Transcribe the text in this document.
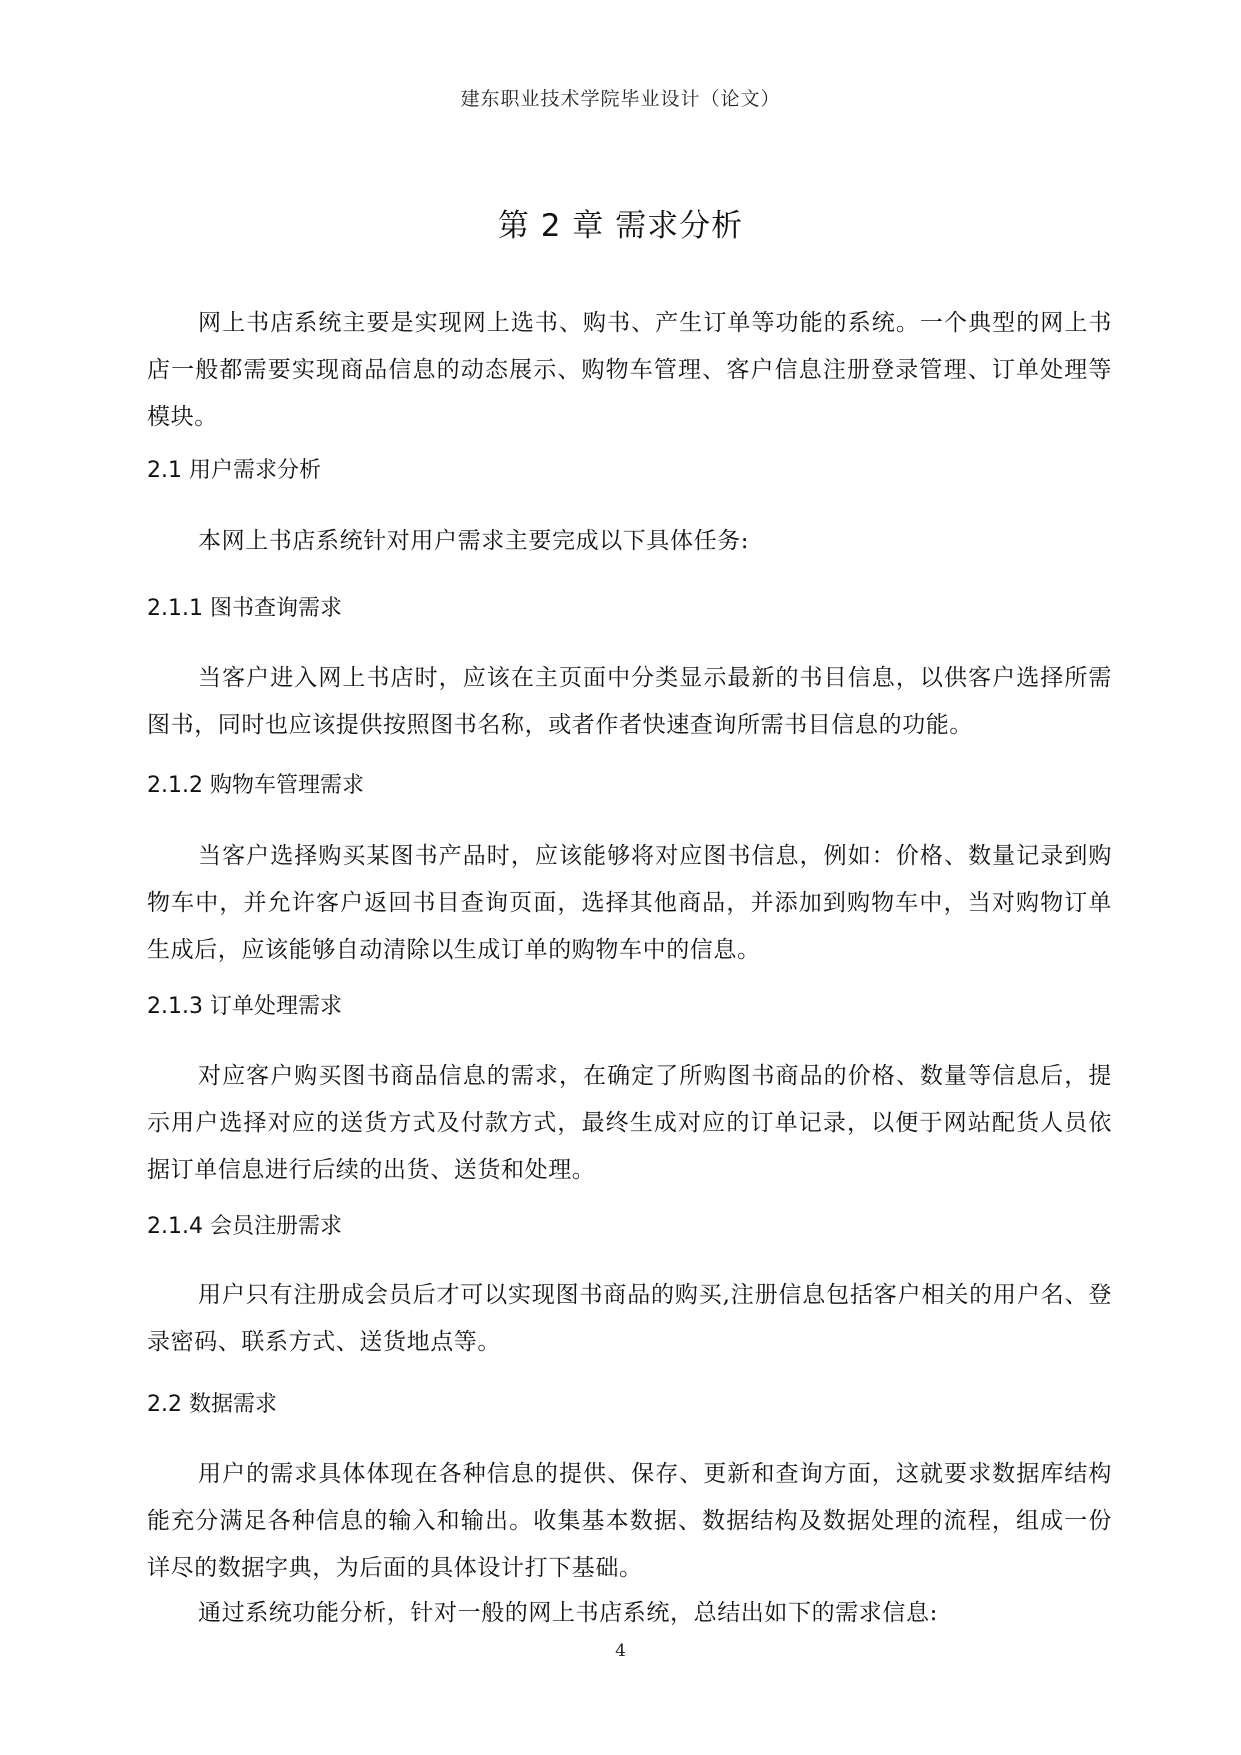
建东职业技术学院毕业设计（论文）
第 2 章 需求分析

网上书店系统主要是实现网上选书、购书、产生订单等功能的系统。一个典型的网上书店一般都需要实现商品信息的动态展示、购物车管理、客户信息注册登录管理、订单处理等模块。

2.1 用户需求分析

本网上书店系统针对用户需求主要完成以下具体任务:

2.1.1 图书查询需求

当客户进入网上书店时，应该在主页面中分类显示最新的书目信息，以供客户选择所需图书，同时也应该提供按照图书名称，或者作者快速查询所需书目信息的功能。

2.1.2 购物车管理需求

当客户选择购买某图书产品时，应该能够将对应图书信息，例如：价格、数量记录到购物车中，并允许客户返回书目查询页面，选择其他商品，并添加到购物车中，当对购物订单生成后，应该能够自动清除以生成订单的购物车中的信息。

2.1.3 订单处理需求

对应客户购买图书商品信息的需求，在确定了所购图书商品的价格、数量等信息后，提示用户选择对应的送货方式及付款方式，最终生成对应的订单记录，以便于网站配货人员依据订单信息进行后续的出货、送货和处理。

2.1.4 会员注册需求

用户只有注册成会员后才可以实现图书商品的购买,注册信息包括客户相关的用户名、登录密码、联系方式、送货地点等。

2.2 数据需求

用户的需求具体体现在各种信息的提供、保存、更新和查询方面，这就要求数据库结构能充分满足各种信息的输入和输出。收集基本数据、数据结构及数据处理的流程，组成一份详尽的数据字典，为后面的具体设计打下基础。

通过系统功能分析，针对一般的网上书店系统，总结出如下的需求信息:

4
